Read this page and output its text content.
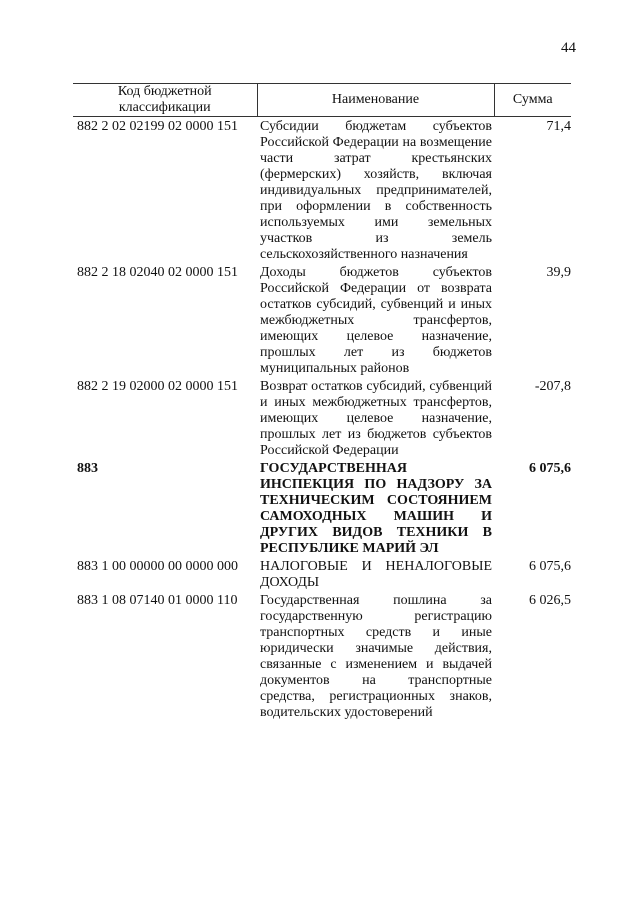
44
Код бюджетной классификации	Наименование	Сумма
882 2 02 02199 02 0000 151	Субсидии бюджетам субъектов Российской Федерации на возмещение части затрат крестьянских (фермерских) хозяйств, включая индивидуальных предпринимателей, при оформлении в собственность используемых ими земельных участков из земель сельскохозяйственного назначения	71,4
882 2 18 02040 02 0000 151	Доходы бюджетов субъектов Российской Федерации от возврата остатков субсидий, субвенций и иных межбюджетных трансфертов, имеющих целевое назначение, прошлых лет из бюджетов муниципальных районов	39,9
882 2 19 02000 02 0000 151	Возврат остатков субсидий, субвенций и иных межбюджетных трансфертов, имеющих целевое назначение, прошлых лет из бюджетов субъектов Российской Федерации	-207,8
883	ГОСУДАРСТВЕННАЯ ИНСПЕКЦИЯ ПО НАДЗОРУ ЗА ТЕХНИЧЕСКИМ СОСТОЯНИЕМ САМОХОДНЫХ МАШИН И ДРУГИХ ВИДОВ ТЕХНИКИ В РЕСПУБЛИКЕ МАРИЙ ЭЛ	6 075,6
883 1 00 00000 00 0000 000	НАЛОГОВЫЕ И НЕНАЛОГОВЫЕ ДОХОДЫ	6 075,6
883 1 08 07140 01 0000 110	Государственная пошлина за государственную регистрацию транспортных средств и иные юридически значимые действия, связанные с изменением и выдачей документов на транспортные средства, регистрационных знаков, водительских удостоверений	6 026,5
